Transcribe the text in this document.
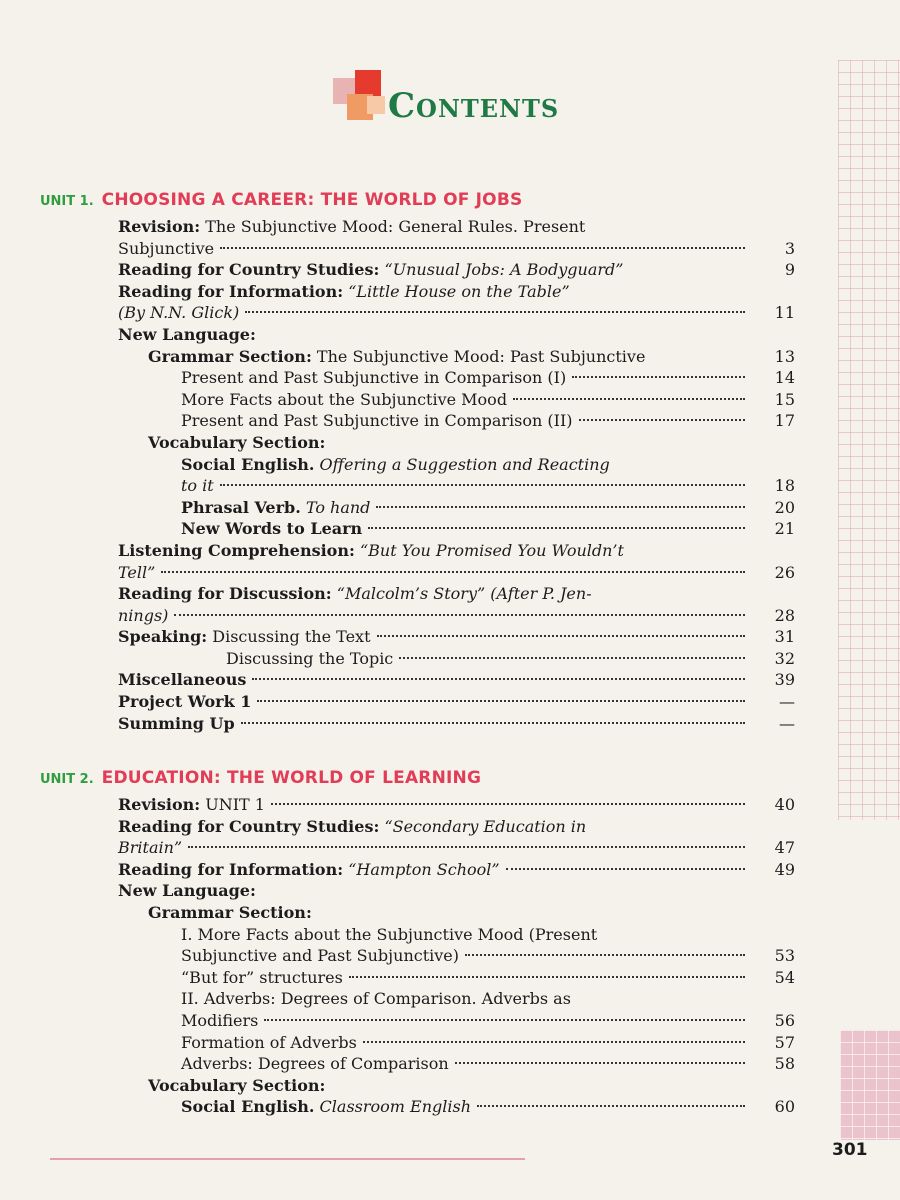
Contents
UNIT 1. CHOOSING A CAREER: THE WORLD OF JOBS
Revision: The Subjunctive Mood: General Rules. Present
Subjunctive	3
Reading for Country Studies: “Unusual Jobs: A Bodyguard”	9
Reading for Information: “Little House on the Table”
(By N.N. Glick)	11
New Language:
Grammar Section: The Subjunctive Mood: Past Subjunctive	13
Present and Past Subjunctive in Comparison (I)	14
More Facts about the Subjunctive Mood	15
Present and Past Subjunctive in Comparison (II)	17
Vocabulary Section:
Social English. Offering a Suggestion and Reacting
to it	18
Phrasal Verb. To hand	20
New Words to Learn	21
Listening Comprehension: “But You Promised You Wouldn’t
Tell”	26
Reading for Discussion: “Malcolm’s Story” (After P. Jen-
nings)	28
Speaking: Discussing the Text	31
Discussing the Topic	32
Miscellaneous	39
Project Work 1	—
Summing Up	—
UNIT 2. EDUCATION: THE WORLD OF LEARNING
Revision: UNIT 1	40
Reading for Country Studies: “Secondary Education in
Britain”	47
Reading for Information: “Hampton School”	49
New Language:
Grammar Section:
I. More Facts about the Subjunctive Mood (Present
Subjunctive and Past Subjunctive)	53
“But for” structures	54
II. Adverbs: Degrees of Comparison. Adverbs as
Modifiers	56
Formation of Adverbs	57
Adverbs: Degrees of Comparison	58
Vocabulary Section:
Social English. Classroom English	60
301
